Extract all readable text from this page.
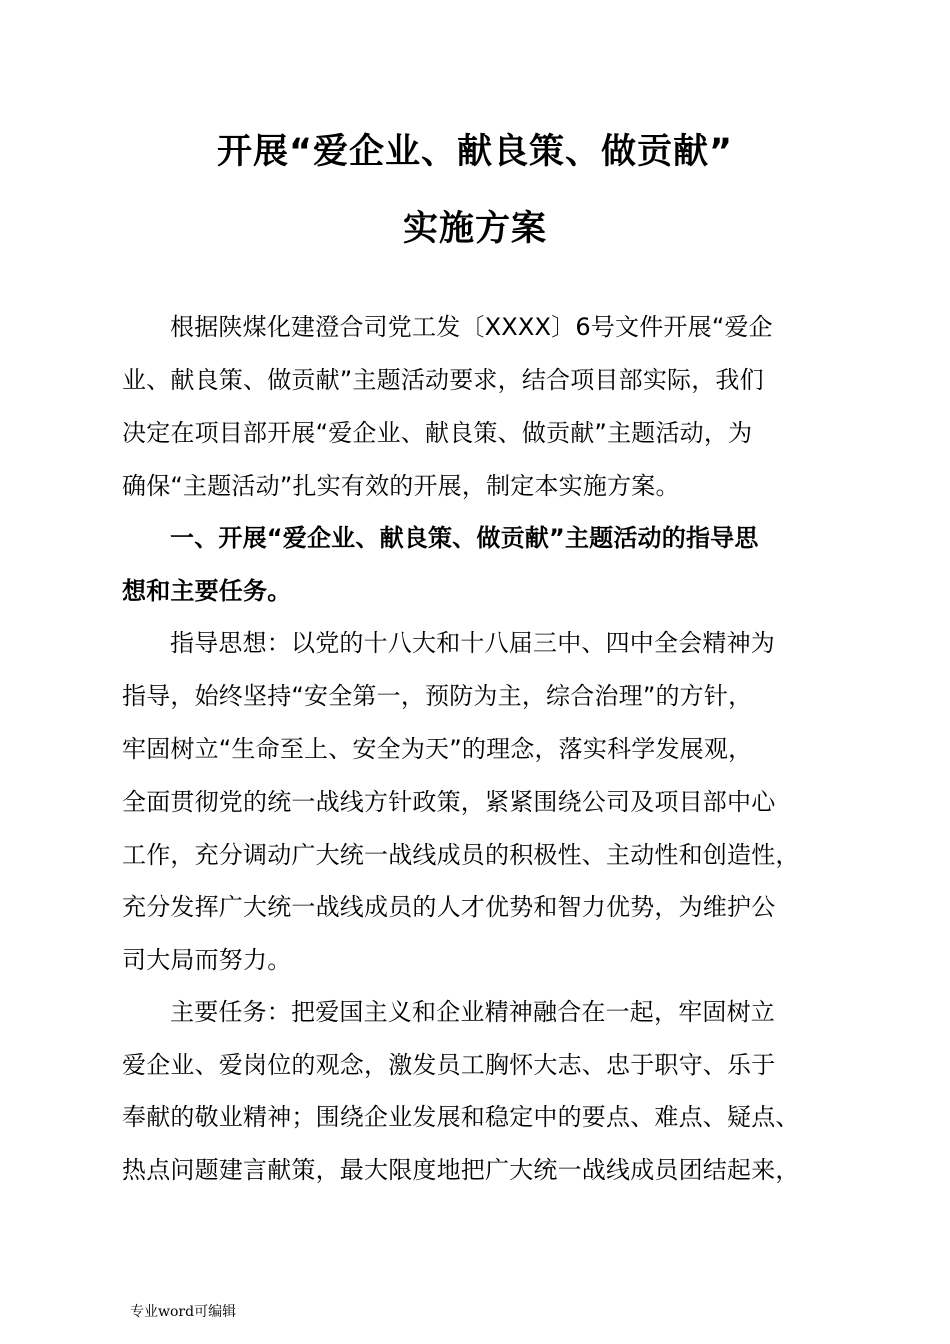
开展“爱企业、献良策、做贡献”
实施方案
根据陕煤化建澄合司党工发〔XXXX〕6号文件开展“爱企
业、献良策、做贡献”主题活动要求，结合项目部实际，我们
决定在项目部开展“爱企业、献良策、做贡献”主题活动，为
确保“主题活动”扎实有效的开展，制定本实施方案。
一、开展“爱企业、献良策、做贡献”主题活动的指导思
想和主要任务。
指导思想：以党的十八大和十八届三中、四中全会精神为
指导，始终坚持“安全第一，预防为主，综合治理”的方针，
牢固树立“生命至上、安全为天”的理念，落实科学发展观，
全面贯彻党的统一战线方针政策，紧紧围绕公司及项目部中心
工作，充分调动广大统一战线成员的积极性、主动性和创造性，
充分发挥广大统一战线成员的人才优势和智力优势，为维护公
司大局而努力。
主要任务：把爱国主义和企业精神融合在一起，牢固树立
爱企业、爱岗位的观念，激发员工胸怀大志、忠于职守、乐于
奉献的敬业精神；围绕企业发展和稳定中的要点、难点、疑点、
热点问题建言献策，最大限度地把广大统一战线成员团结起来，
专业word可编辑
